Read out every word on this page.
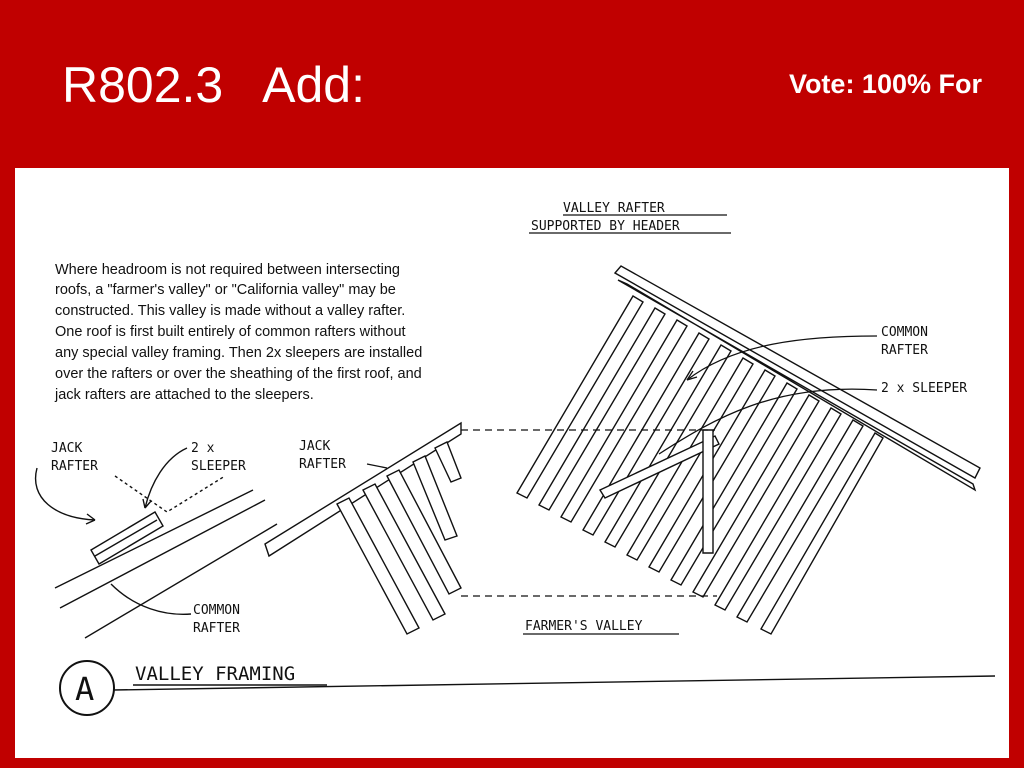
R802.3   Add:	Vote: 100% For
Where headroom is not required between intersecting
roofs, a "farmer's valley" or "California valley" may be
constructed. This valley is made without a valley rafter.
One roof is first built entirely of common rafters without
any special valley framing. Then 2x sleepers are installed
over the rafters or over the sheathing of the first roof, and
jack rafters are attached to the sleepers.
VALLEY RAFTER
SUPPORTED BY HEADER
COMMON
RAFTER
2 x SLEEPER
JACK
RAFTER
2 x
SLEEPER
COMMON
RAFTER
JACK
RAFTER
FARMER'S VALLEY
A VALLEY FRAMING
